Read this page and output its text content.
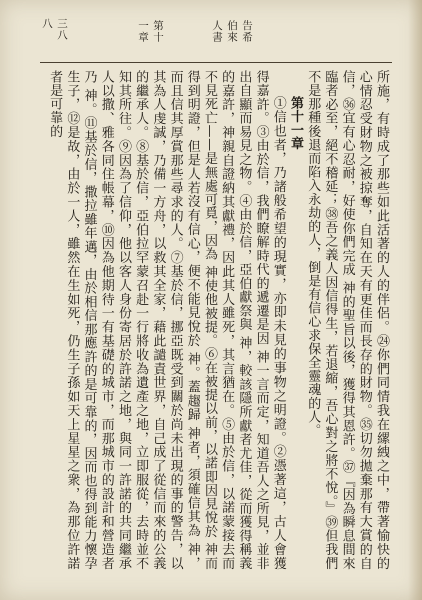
三八八	第十一章	告希伯來人書

所施，有時成了那些如此活著的人的伴侶。㉔你們同情我在縲絏之中，帶著愉快的心情忍受財物之被掠奪，自知在天有更佳而長存的財物。㉟切勿拋棄那有大賞的自信，㊱宜有心忍耐，好使你們完成 神的聖旨以後，獲得其恩許。㊲『因為瞬息間來臨者必至，絕不稽延；㊳吾之義人因信得生，若退縮，吾心對之將不悅。』㊴但我們不是那種後退而陷入永劫的人，倒是有信心求保全靈魂的人。

第十一章

①信也者，乃諸般希望的現實，亦即未見的事物之明證。②憑著這，古人會獲得嘉許。③由於信，我們瞭解時代的遞遷是因 神一言而定，知道吾人之所見，並非出自顯而易見之物。④由於信，亞伯獻祭與 神，較該隱所獻者尤佳，從而獲得稱義的嘉許，神親自證納其獻禮，因此其人雖死，其言猶在。⑤由於信，以諾蒙接去而不見死亡——是無處可覓，因為 神使他被提。⑥在被提以前，以諾即因見悅於 神而得到明證，但是人若沒有信心，便不能見悅於 神。蓋趨歸 神者，須確信其為 神，而且信其厚賞那些尋求的人。⑦基於信，挪亞既受到關於尚未出現的事的警告，以其為人虔誠，乃備一方舟，以救其全家，藉此譴責世界，自己成了從信而來的公義的繼承人。⑧基於信，亞伯拉罕蒙召赴一行將收為遺產之地，立即服從，去時並不知其所往。⑨因為了信仰，他以客人身份寄居於許諾之地，與同一許諾的共同繼承人以撒、雅各同住帳幕，⑩因為他期待一有基礎的城市，而那城市的設計和營造者乃 神。⑪基於信，撒拉雖年邁，由於相信那應許的是可靠的，因而也得到能力懷孕生子，⑫是故，由於一人，雖然在生如死，仍生子孫如天上星星之衆，為那位許諾者是可靠的
